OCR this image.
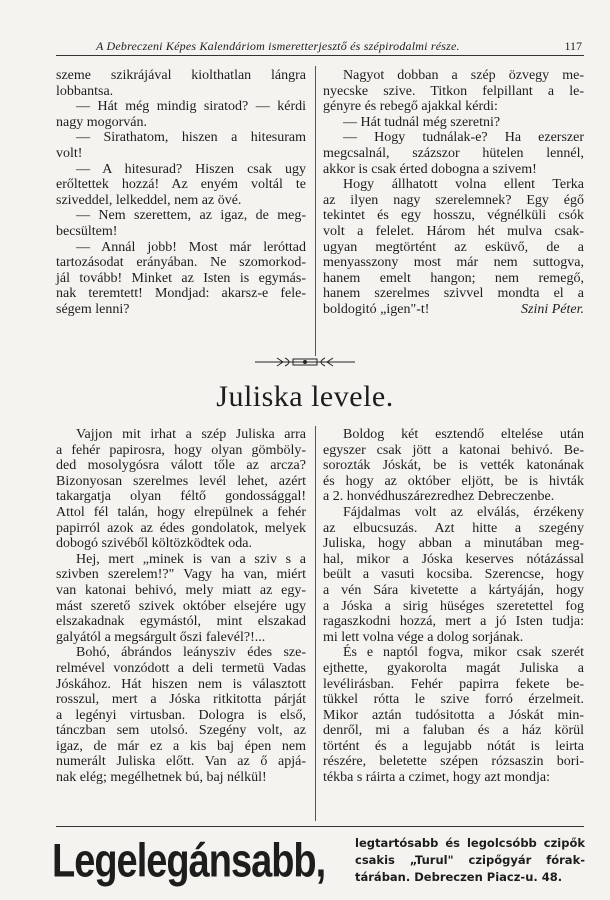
A Debreczeni Képes Kalendáriom ismeretterjesztő és szépirodalmi része.	117
szeme szikrájával kiolthatlan lángra
lobbantsa.
— Hát még mindig siratod? — kérdi
nagy mogorván.
— Sirathatom, hiszen a hitesuram
volt!
— A hitesurad? Hiszen csak ugy
erőltettek hozzá! Az enyém voltál te
sziveddel, lelkeddel, nem az övé.
— Nem szerettem, az igaz, de meg-
becsültem!
— Annál jobb! Most már leróttad
tartozásodat erányában. Ne szomorkod-
jál tovább! Minket az Isten is egymás-
nak teremtett! Mondjad: akarsz-e fele-
ségem lenni?
Nagyot dobban a szép özvegy me-
nyecske szive. Titkon felpillant a le-
gényre és rebegő ajakkal kérdi:
— Hát tudnál még szeretni?
— Hogy tudnálak-e? Ha ezerszer
megcsalnál, százszor hütelen lennél,
akkor is csak érted dobogna a szivem!
Hogy állhatott volna ellent Terka
az ilyen nagy szerelemnek? Egy égő
tekintet és egy hosszu, végnélküli csók
volt a felelet. Három hét mulva csak-
ugyan megtörtént az esküvő, de a
menyasszony most már nem suttogva,
hanem emelt hangon; nem remegő,
hanem szerelmes szivvel mondta el a
boldogitó „igen"-t!	Szini Péter.
Juliska levele.
Vajjon mit irhat a szép Juliska arra
a fehér papirosra, hogy olyan gömböly-
ded mosolygósra válott tőle az arcza?
Bizonyosan szerelmes levél lehet, azért
takargatja olyan féltő gondossággal!
Attol fél talán, hogy elrepülnek a fehér
papirról azok az édes gondolatok, melyek
dobogó szivéből költözködtek oda.
Hej, mert „minek is van a sziv s a
szivben szerelem!?" Vagy ha van, miért
van katonai behivó, mely miatt az egy-
mást szerető szivek október elsejére ugy
elszakadnak egymástól, mint elszakad
galyától a megsárgult őszi falevél?!...
Bohó, ábrándos leánysziv édes sze-
relmével vonzódott a deli termetü Vadas
Jóskához. Hát hiszen nem is választott
rosszul, mert a Jóska ritkitotta párját
a legényi virtusban. Dologra is első,
tánczban sem utolsó. Szegény volt, az
igaz, de már ez a kis baj épen nem
numerált Juliska előtt. Van az ő apjá-
nak elég; megélhetnek bú, baj nélkül!
Boldog két esztendő eltelése után
egyszer csak jött a katonai behivó. Be-
sorozták Jóskát, be is vették katonának
és hogy az október eljött, be is hivták
a 2. honvédhuszárezredhez Debreczenbe.
Fájdalmas volt az elválás, érzékeny
az elbucsuzás. Azt hitte a szegény
Juliska, hogy abban a minutában meg-
hal, mikor a Jóska keserves nótázással
beült a vasuti kocsiba. Szerencse, hogy
a vén Sára kivetette a kártyáján, hogy
a Jóska a sirig hüséges szeretettel fog
ragaszkodni hozzá, mert a jó Isten tudja:
mi lett volna vége a dolog sorjának.
És e naptól fogva, mikor csak szerét
ejthette, gyakorolta magát Juliska a
levélirásban. Fehér papirra fekete be-
tükkel rótta le szive forró érzelmeit.
Mikor aztán tudósitotta a Jóskát min-
denről, mi a faluban és a ház körül
történt és a legujabb nótát is leirta
részére, beletette szépen rózsaszin bori-
tékba s ráirta a czimet, hogy azt mondja:
Legelegánsabb,	legtartósabb és legolcsóbb czipők
csakis „Turul" czipőgyár fórak-
tárában. Debreczen Piacz-u. 48.
